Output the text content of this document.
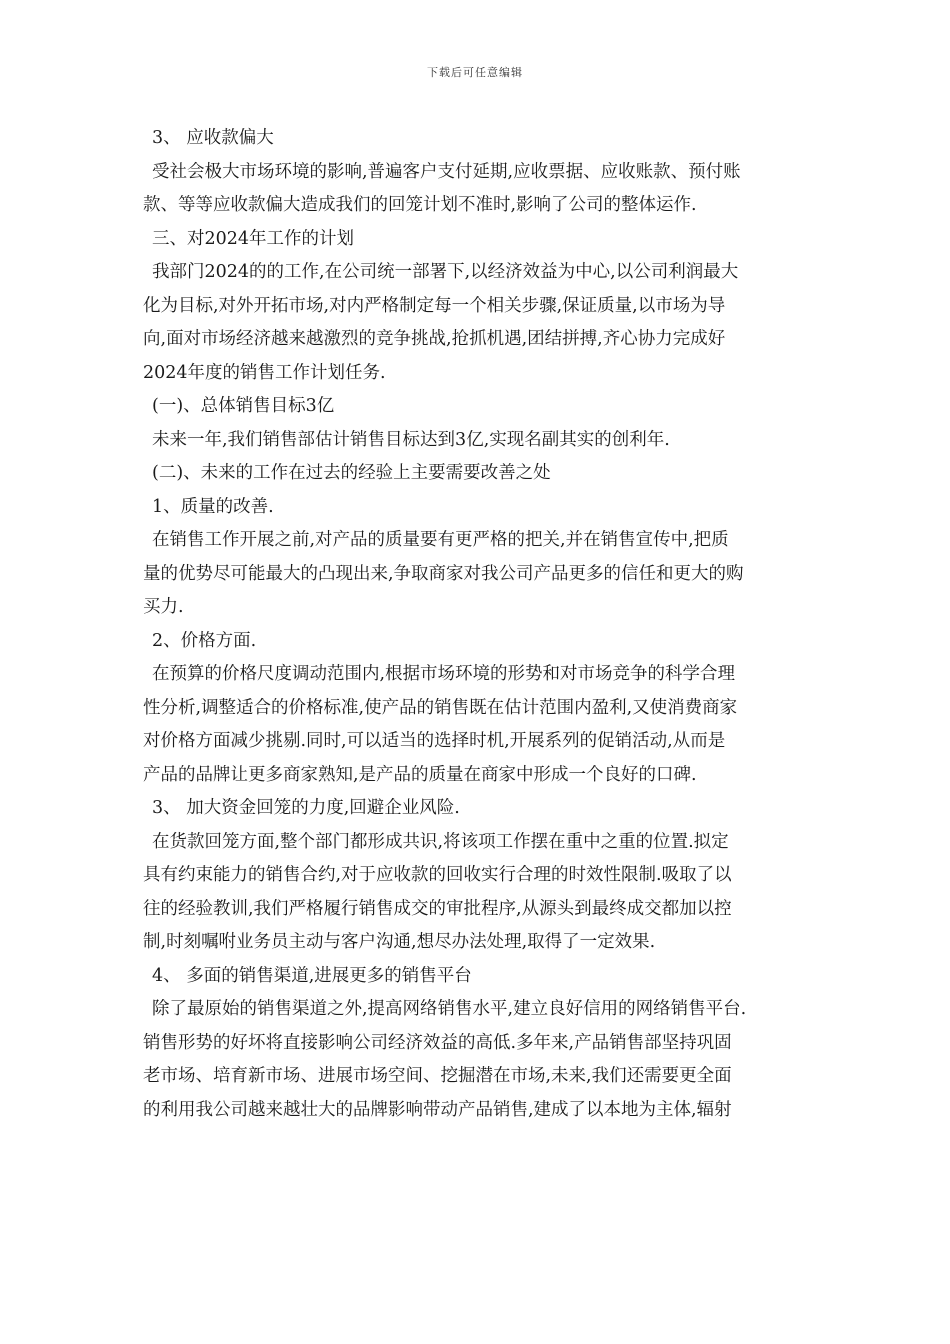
下载后可任意编辑
3、 应收款偏大
受社会极大市场环境的影响,普遍客户支付延期,应收票据、应收账款、预付账
款、等等应收款偏大造成我们的回笼计划不准时,影响了公司的整体运作.
三、对2024年工作的计划
我部门2024的的工作,在公司统一部署下,以经济效益为中心,以公司利润最大
化为目标,对外开拓市场,对内严格制定每一个相关步骤,保证质量,以市场为导
向,面对市场经济越来越激烈的竞争挑战,抢抓机遇,团结拼搏,齐心协力完成好
2024年度的销售工作计划任务.
(一)、总体销售目标3亿
未来一年,我们销售部估计销售目标达到3亿,实现名副其实的创利年.
(二)、未来的工作在过去的经验上主要需要改善之处
1、质量的改善.
在销售工作开展之前,对产品的质量要有更严格的把关,并在销售宣传中,把质
量的优势尽可能最大的凸现出来,争取商家对我公司产品更多的信任和更大的购
买力.
2、价格方面.
在预算的价格尺度调动范围内,根据市场环境的形势和对市场竞争的科学合理
性分析,调整适合的价格标准,使产品的销售既在估计范围内盈利,又使消费商家
对价格方面减少挑剔.同时,可以适当的选择时机,开展系列的促销活动,从而是
产品的品牌让更多商家熟知,是产品的质量在商家中形成一个良好的口碑.
3、 加大资金回笼的力度,回避企业风险.
在货款回笼方面,整个部门都形成共识,将该项工作摆在重中之重的位置.拟定
具有约束能力的销售合约,对于应收款的回收实行合理的时效性限制.吸取了以
往的经验教训,我们严格履行销售成交的审批程序,从源头到最终成交都加以控
制,时刻嘱咐业务员主动与客户沟通,想尽办法处理,取得了一定效果.
4、 多面的销售渠道,进展更多的销售平台
除了最原始的销售渠道之外,提高网络销售水平,建立良好信用的网络销售平台.
销售形势的好坏将直接影响公司经济效益的高低.多年来,产品销售部坚持巩固
老市场、培育新市场、进展市场空间、挖掘潜在市场,未来,我们还需要更全面
的利用我公司越来越壮大的品牌影响带动产品销售,建成了以本地为主体,辐射
